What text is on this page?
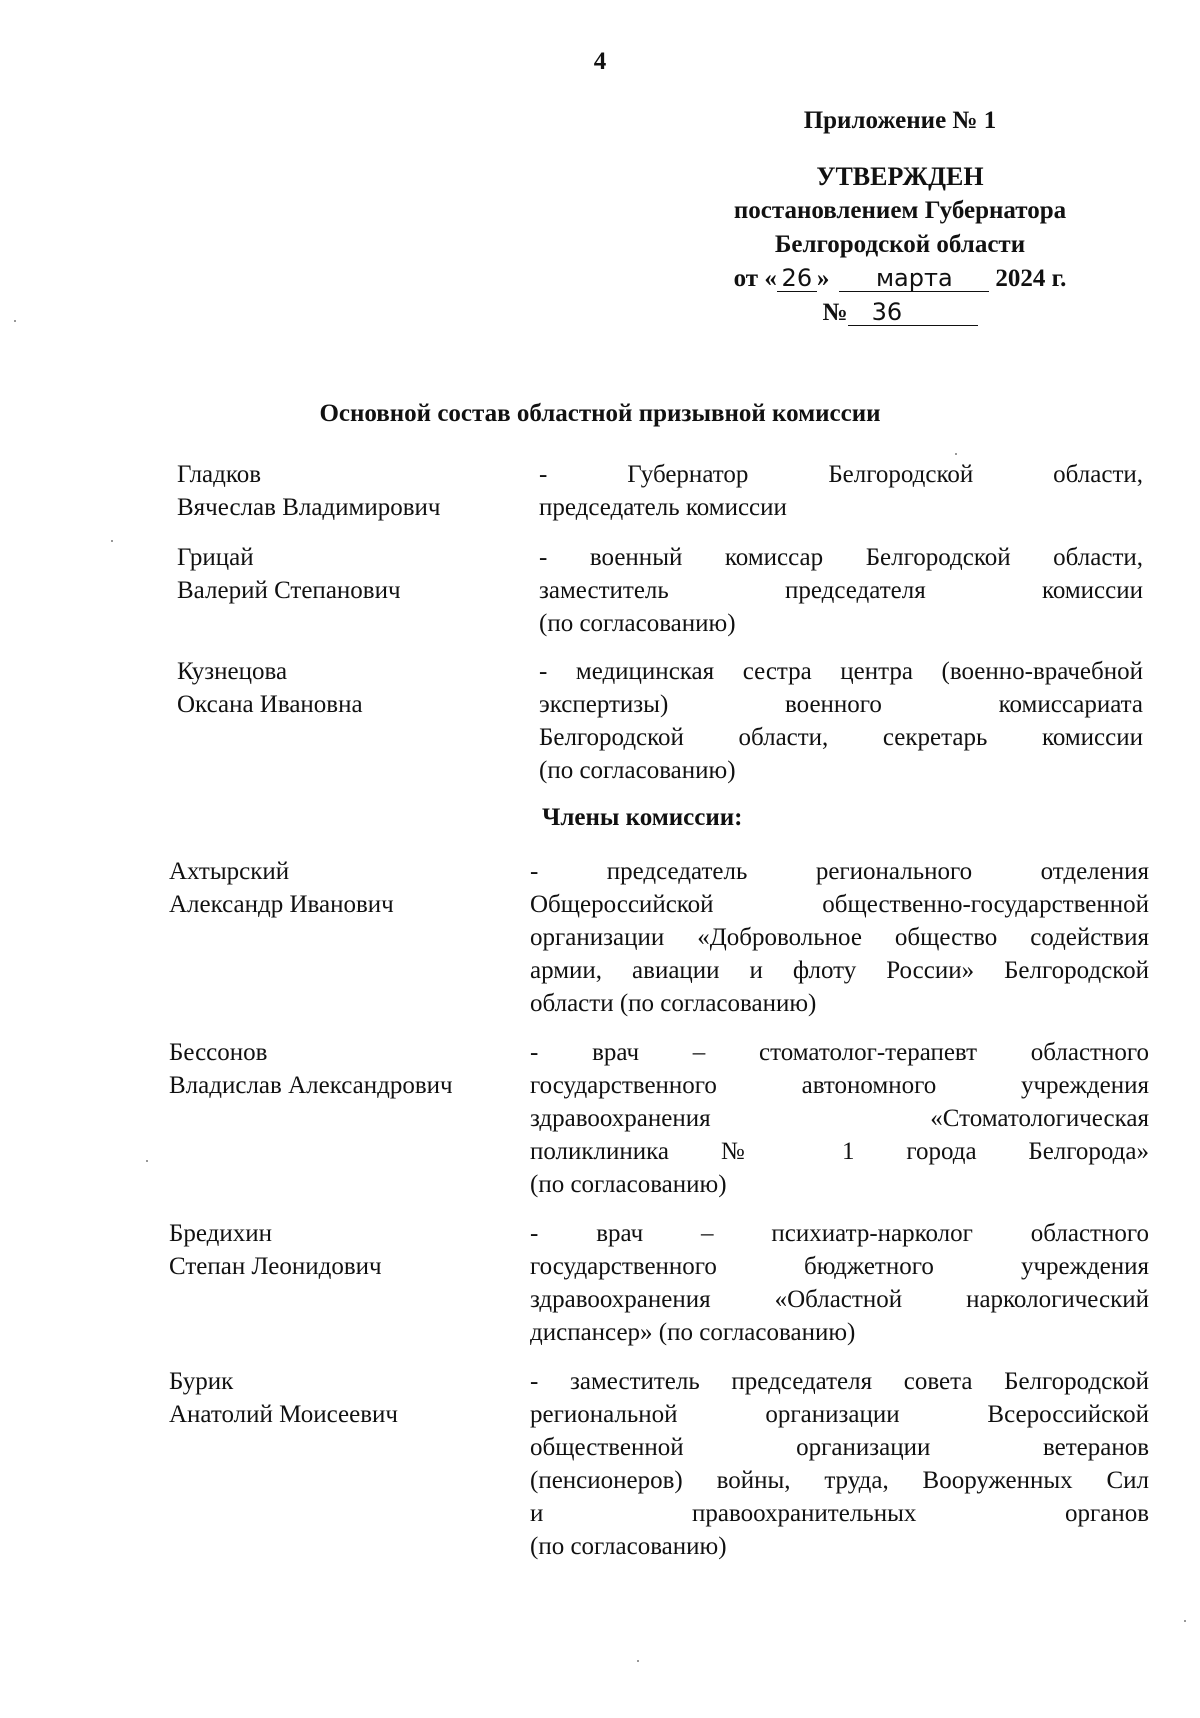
4
Приложение № 1
УТВЕРЖДЕН
постановлением Губернатора
Белгородской области
от « 26 » марта 2024 г.
№ 36
Основной состав областной призывной комиссии
Гладков
Вячеслав Владимирович
- Губернатор Белгородской области,
председатель комиссии
Грицай
Валерий Степанович
- военный комиссар Белгородской области,
заместитель председателя комиссии
(по согласованию)
Кузнецова
Оксана Ивановна
- медицинская сестра центра (военно-врачебной
экспертизы) военного комиссариата
Белгородской области, секретарь комиссии
(по согласованию)
Члены комиссии:
Ахтырский
Александр Иванович
- председатель регионального отделения
Общероссийской общественно-государственной
организации «Добровольное общество содействия
армии, авиации и флоту России» Белгородской
области (по согласованию)
Бессонов
Владислав Александрович
- врач – стоматолог-терапевт областного
государственного автономного учреждения
здравоохранения «Стоматологическая
поликлиника № 1 города Белгорода»
(по согласованию)
Бредихин
Степан Леонидович
- врач – психиатр-нарколог областного
государственного бюджетного учреждения
здравоохранения «Областной наркологический
диспансер» (по согласованию)
Бурик
Анатолий Моисеевич
- заместитель председателя совета Белгородской
региональной организации Всероссийской
общественной организации ветеранов
(пенсионеров) войны, труда, Вооруженных Сил
и правоохранительных органов
(по согласованию)
